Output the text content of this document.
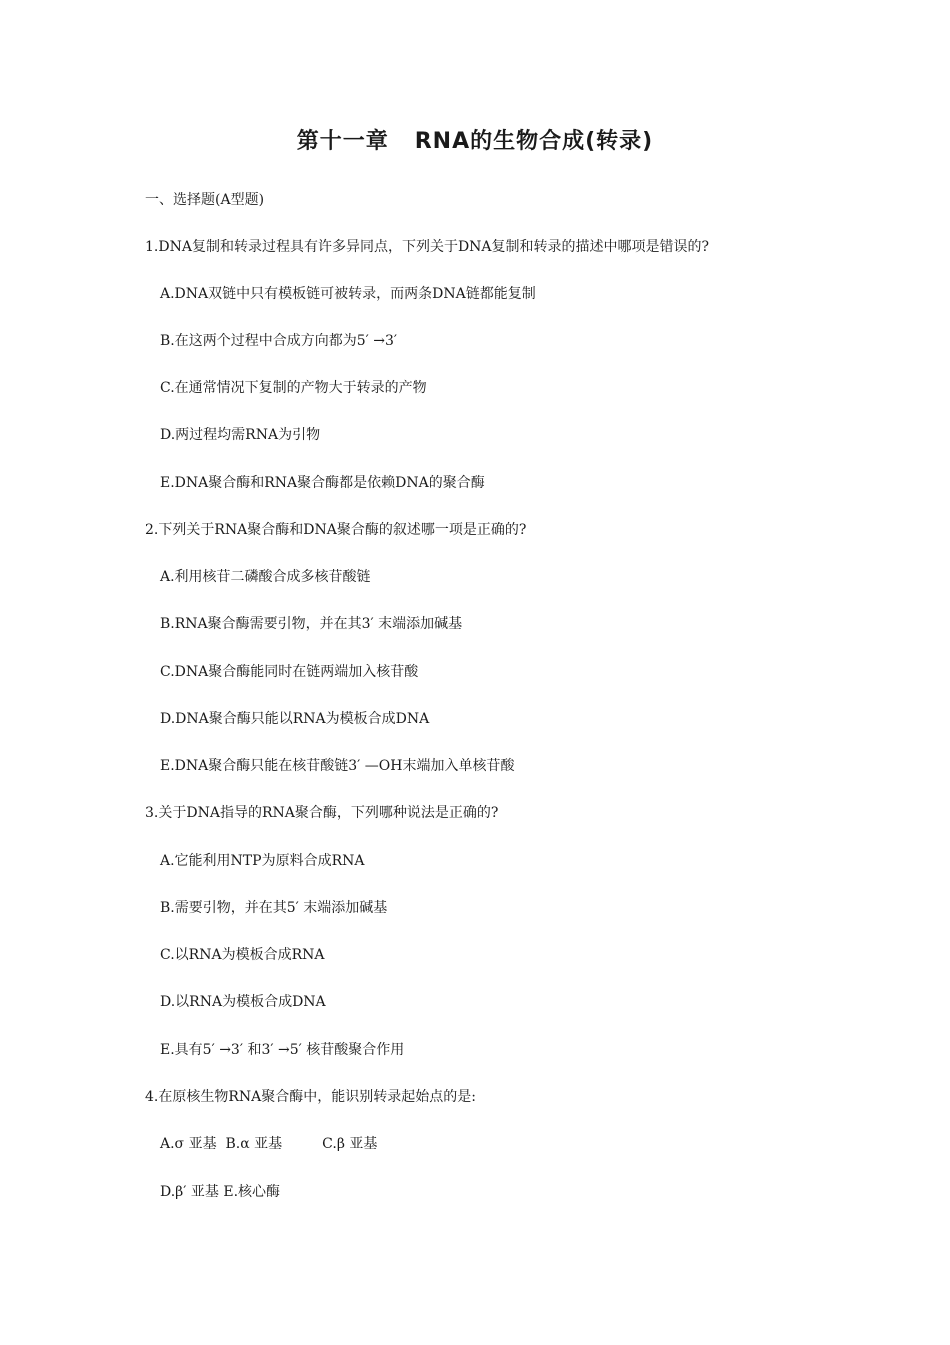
第十一章   RNA的生物合成(转录)
一、选择题(A型题)
1.DNA复制和转录过程具有许多异同点，下列关于DNA复制和转录的描述中哪项是错误的?
A.DNA双链中只有模板链可被转录，而两条DNA链都能复制
B.在这两个过程中合成方向都为5′ →3′
C.在通常情况下复制的产物大于转录的产物
D.两过程均需RNA为引物
E.DNA聚合酶和RNA聚合酶都是依赖DNA的聚合酶
2.下列关于RNA聚合酶和DNA聚合酶的叙述哪一项是正确的?
A.利用核苷二磷酸合成多核苷酸链
B.RNA聚合酶需要引物，并在其3′ 末端添加碱基
C.DNA聚合酶能同时在链两端加入核苷酸
D.DNA聚合酶只能以RNA为模板合成DNA
E.DNA聚合酶只能在核苷酸链3′ —OH末端加入单核苷酸
3.关于DNA指导的RNA聚合酶，下列哪种说法是正确的?
A.它能利用NTP为原料合成RNA
B.需要引物，并在其5′ 末端添加碱基
C.以RNA为模板合成RNA
D.以RNA为模板合成DNA
E.具有5′ →3′ 和3′ →5′ 核苷酸聚合作用
4.在原核生物RNA聚合酶中，能识别转录起始点的是:
A.σ 亚基  B.α 亚基         C.β 亚基
D.β′ 亚基 E.核心酶
